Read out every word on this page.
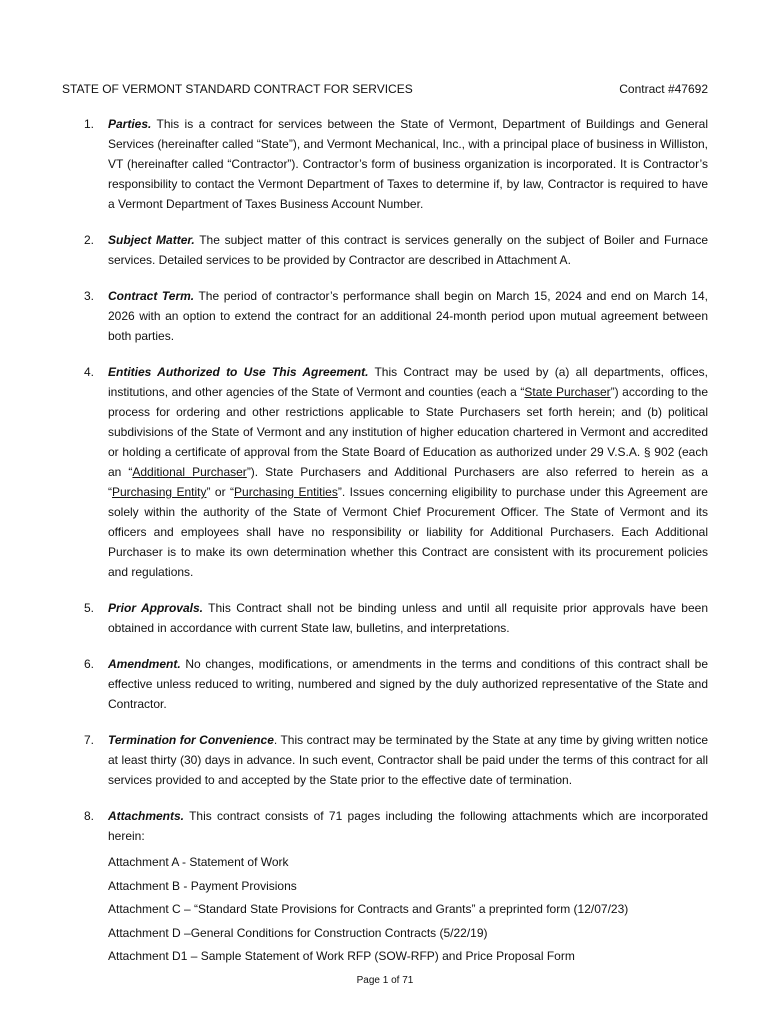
STATE OF VERMONT STANDARD CONTRACT FOR SERVICES	Contract #47692
1. Parties. This is a contract for services between the State of Vermont, Department of Buildings and General Services (hereinafter called “State”), and Vermont Mechanical, Inc., with a principal place of business in Williston, VT (hereinafter called “Contractor”). Contractor’s form of business organization is incorporated. It is Contractor’s responsibility to contact the Vermont Department of Taxes to determine if, by law, Contractor is required to have a Vermont Department of Taxes Business Account Number.
2. Subject Matter. The subject matter of this contract is services generally on the subject of Boiler and Furnace services. Detailed services to be provided by Contractor are described in Attachment A.
3. Contract Term. The period of contractor’s performance shall begin on March 15, 2024 and end on March 14, 2026 with an option to extend the contract for an additional 24-month period upon mutual agreement between both parties.
4. Entities Authorized to Use This Agreement. This Contract may be used by (a) all departments, offices, institutions, and other agencies of the State of Vermont and counties (each a “State Purchaser”) according to the process for ordering and other restrictions applicable to State Purchasers set forth herein; and (b) political subdivisions of the State of Vermont and any institution of higher education chartered in Vermont and accredited or holding a certificate of approval from the State Board of Education as authorized under 29 V.S.A. § 902 (each an “Additional Purchaser”). State Purchasers and Additional Purchasers are also referred to herein as a “Purchasing Entity” or “Purchasing Entities”. Issues concerning eligibility to purchase under this Agreement are solely within the authority of the State of Vermont Chief Procurement Officer. The State of Vermont and its officers and employees shall have no responsibility or liability for Additional Purchasers. Each Additional Purchaser is to make its own determination whether this Contract are consistent with its procurement policies and regulations.
5. Prior Approvals. This Contract shall not be binding unless and until all requisite prior approvals have been obtained in accordance with current State law, bulletins, and interpretations.
6. Amendment. No changes, modifications, or amendments in the terms and conditions of this contract shall be effective unless reduced to writing, numbered and signed by the duly authorized representative of the State and Contractor.
7. Termination for Convenience. This contract may be terminated by the State at any time by giving written notice at least thirty (30) days in advance. In such event, Contractor shall be paid under the terms of this contract for all services provided to and accepted by the State prior to the effective date of termination.
8. Attachments. This contract consists of 71 pages including the following attachments which are incorporated herein:
Attachment A - Statement of Work
Attachment B - Payment Provisions
Attachment C – “Standard State Provisions for Contracts and Grants” a preprinted form (12/07/23)
Attachment D –General Conditions for Construction Contracts (5/22/19)
Attachment D1 – Sample Statement of Work RFP (SOW-RFP) and Price Proposal Form
Page 1 of 71
